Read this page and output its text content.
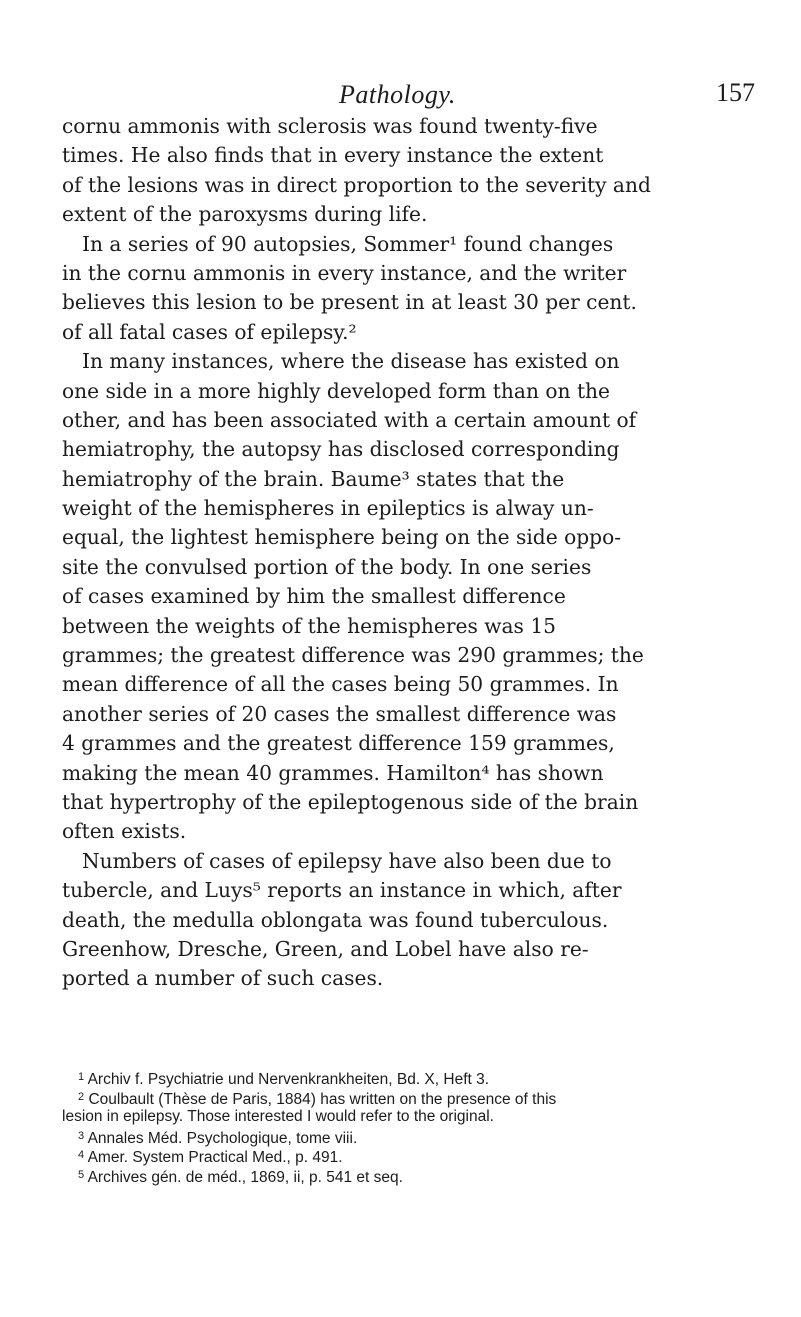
Pathology.	157
cornu ammonis with sclerosis was found twenty-five
times. He also finds that in every instance the extent
of the lesions was in direct proportion to the severity and
extent of the paroxysms during life.
In a series of 90 autopsies, Sommer¹ found changes
in the cornu ammonis in every instance, and the writer
believes this lesion to be present in at least 30 per cent.
of all fatal cases of epilepsy.²
In many instances, where the disease has existed on
one side in a more highly developed form than on the
other, and has been associated with a certain amount of
hemiatrophy, the autopsy has disclosed corresponding
hemiatrophy of the brain. Baume³ states that the
weight of the hemispheres in epileptics is alway un-
equal, the lightest hemisphere being on the side oppo-
site the convulsed portion of the body. In one series
of cases examined by him the smallest difference
between the weights of the hemispheres was 15
grammes; the greatest difference was 290 grammes; the
mean difference of all the cases being 50 grammes. In
another series of 20 cases the smallest difference was
4 grammes and the greatest difference 159 grammes,
making the mean 40 grammes. Hamilton⁴ has shown
that hypertrophy of the epileptogenous side of the brain
often exists.
Numbers of cases of epilepsy have also been due to
tubercle, and Luys⁵ reports an instance in which, after
death, the medulla oblongata was found tuberculous.
Greenhow, Dresche, Green, and Lobel have also re-
ported a number of such cases.
$^1$ Archiv f. Psychiatrie und Nervenkrankheiten, Bd. X, Heft 3.
$^2$ Coulbault (Thèse de Paris, 1884) has written on the presence of this
lesion in epilepsy. Those interested I would refer to the original.
$^3$ Annales Méd. Psychologique, tome viii.
$^4$ Amer. System Practical Med., p. 491.
$^5$ Archives gén. de méd., 1869, ii, p. 541 et seq.
